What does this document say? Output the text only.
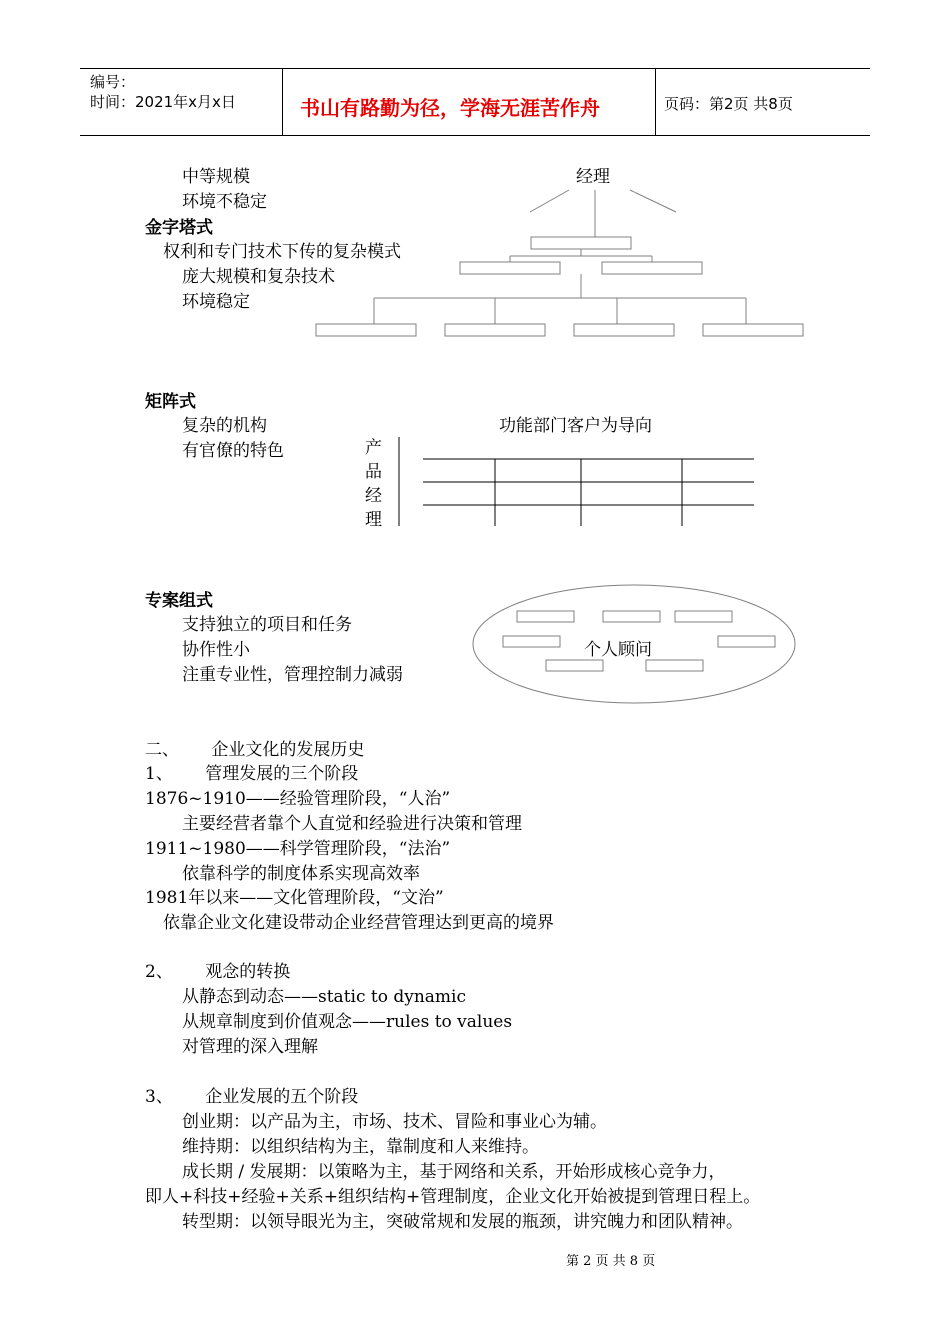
编号：
时间：2021年x月x日	书山有路勤为径，学海无涯苦作舟	页码：第2页 共8页
中等规模
环境不稳定
金字塔式
权利和专门技术下传的复杂模式
庞大规模和复杂技术
环境稳定
经理
矩阵式
复杂的机构
有官僚的特色
功能部门客户为导向
产
品
经
理
专案组式
支持独立的项目和任务
协作性小
注重专业性，管理控制力减弱
个人顾问
二、      企业文化的发展历史
1、      管理发展的三个阶段
1876~1910——经验管理阶段，“人治”
主要经营者靠个人直觉和经验进行决策和管理
1911~1980——科学管理阶段，“法治”
依靠科学的制度体系实现高效率
1981年以来——文化管理阶段，“文治”
依靠企业文化建设带动企业经营管理达到更高的境界
2、      观念的转换
从静态到动态——static to dynamic
从规章制度到价值观念——rules to values
对管理的深入理解
3、      企业发展的五个阶段
创业期：以产品为主，市场、技术、冒险和事业心为辅。
维持期：以组织结构为主，靠制度和人来维持。
成长期 / 发展期：以策略为主，基于网络和关系，开始形成核心竞争力，
即人+科技+经验+关系+组织结构+管理制度，企业文化开始被提到管理日程上。
转型期：以领导眼光为主，突破常规和发展的瓶颈，讲究魄力和团队精神。
第 2 页 共 8 页
